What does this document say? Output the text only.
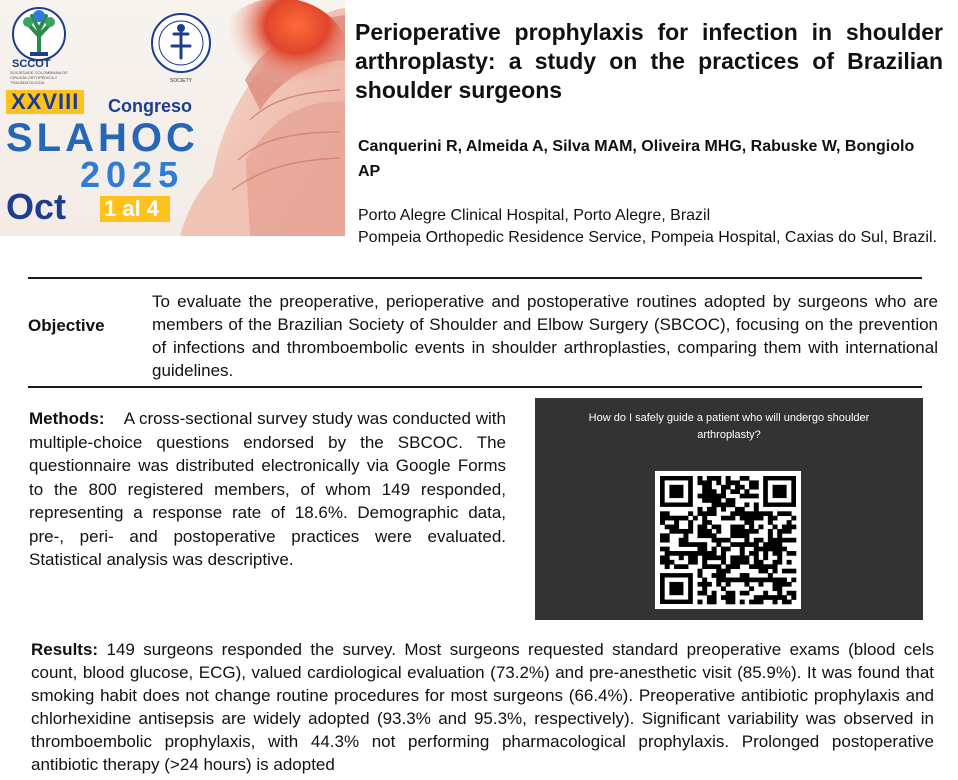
SCCOT
SOCIEDADE COLOMBIANA DE CIRUGÍA ORTOPÉDICA Y TRAUMATOLOGÍA	SOCIETY
XXVIII Congreso
SLAHOC
2025
Oct 1 al 4
Perioperative prophylaxis for infection in shoulder arthroplasty: a study on the practices of Brazilian shoulder surgeons
Canquerini R, Almeida A, Silva MAM, Oliveira MHG, Rabuske W, Bongiolo AP
Porto Alegre Clinical Hospital, Porto Alegre, Brazil
Pompeia Orthopedic Residence Service, Pompeia Hospital, Caxias do Sul, Brazil.
Objective
To evaluate the preoperative, perioperative and postoperative routines adopted by surgeons who are members of the Brazilian Society of Shoulder and Elbow Surgery (SBCOC), focusing on the prevention of infections and thromboembolic events in shoulder arthroplasties, comparing them with international guidelines.
Methods: A cross-sectional survey study was conducted with multiple-choice questions endorsed by the SBCOC. The questionnaire was distributed electronically via Google Forms to the 800 registered members, of whom 149 responded, representing a response rate of 18.6%. Demographic data, pre-, peri- and postoperative practices were evaluated. Statistical analysis was descriptive.
How do I safely guide a patient who will undergo shoulder arthroplasty?
Results: 149 surgeons responded the survey. Most surgeons requested standard preoperative exams (blood cels count, blood glucose, ECG), valued cardiological evaluation (73.2%) and pre-anesthetic visit (85.9%). It was found that smoking habit does not change routine procedures for most surgeons (66.4%). Preoperative antibiotic prophylaxis and chlorhexidine antisepsis are widely adopted (93.3% and 95.3%, respectively). Significant variability was observed in thromboembolic prophylaxis, with 44.3% not performing pharmacological prophylaxis. Prolonged postoperative antibiotic therapy (>24 hours) is adopted
